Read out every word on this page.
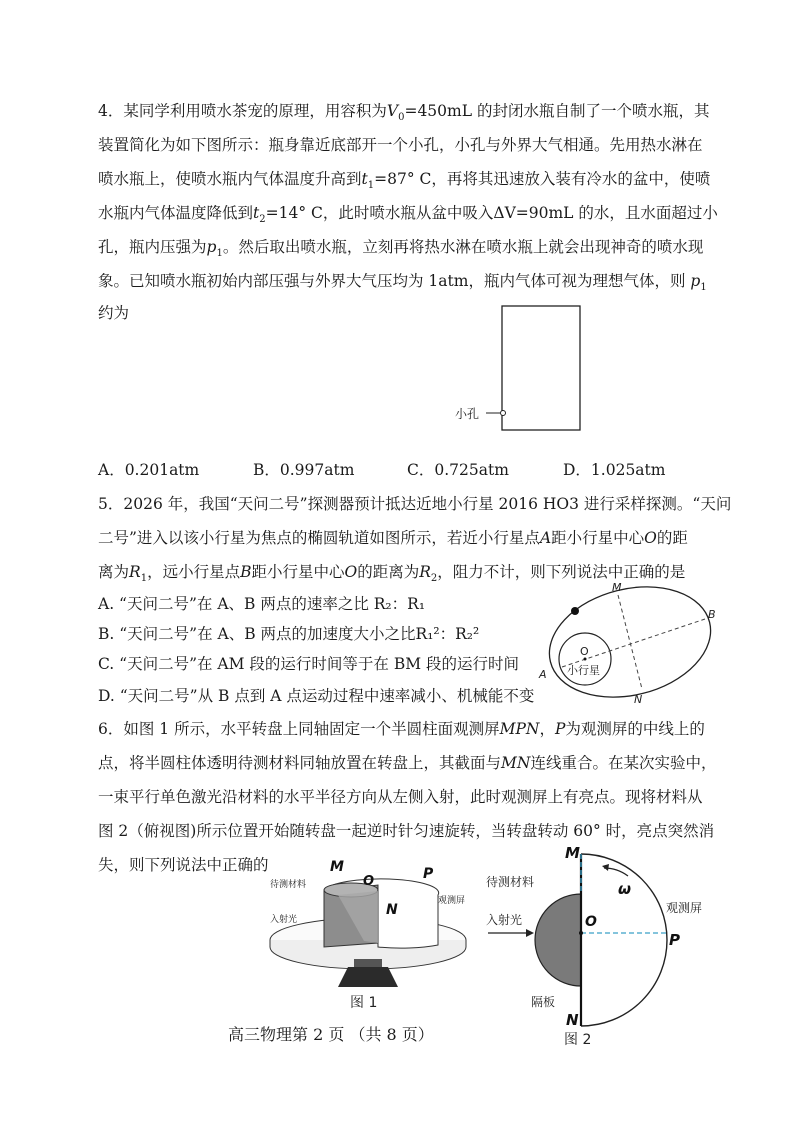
4．某同学利用喷水茶宠的原理，用容积为$V_0=450mL$ 的封闭水瓶自制了一个喷水瓶，其
装置简化为如下图所示：瓶身靠近底部开一个小孔，小孔与外界大气相通。先用热水淋在
喷水瓶上，使喷水瓶内气体温度升高到$t_1=87^\circ$ C，再将其迅速放入装有冷水的盆中，使喷
水瓶内气体温度降低到$t_2=14^\circ$ C，此时喷水瓶从盆中吸入ΔV=90mL 的水，且水面超过小
孔，瓶内压强为$p_1$。然后取出喷水瓶，立刻再将热水淋在喷水瓶上就会出现神奇的喷水现
象。已知喷水瓶初始内部压强与外界大气压均为 1atm，瓶内气体可视为理想气体，则 $p_1$
约为
小孔
A．0.201atm	B．0.997atm	C．0.725atm	D．1.025atm
5．2026 年，我国“天问二号”探测器预计抵达近地小行星 2016 HO3 进行采样探测。“天问
二号”进入以该小行星为焦点的椭圆轨道如图所示，若近小行星点A距小行星中心O的距
离为$R_1$，远小行星点B距小行星中心O的距离为$R_2$，阻力不计，则下列说法中正确的是
A. “天问二号”在 A、B 两点的速率之比 R₂：R₁
B. “天问二号”在 A、B 两点的加速度大小之比R₁²：R₂²
C. “天问二号”在 AM 段的运行时间等于在 BM 段的运行时间
D. “天问二号”从 B 点到 A 点运动过程中速率减小、机械能不变
O
小行星
M
B
A
N
6．如图 1 所示，水平转盘上同轴固定一个半圆柱面观测屏MPN，P为观测屏的中线上的
点，将半圆柱体透明待测材料同轴放置在转盘上，其截面与MN连线重合。在某次实验中，
一束平行单色激光沿材料的水平半径方向从左侧入射，此时观测屏上有亮点。现将材料从
图 2（俯视图)所示位置开始随转盘一起逆时针匀速旋转，当转盘转动 60° 时，亮点突然消
失，则下列说法中正确的	M
O	P
N
待测材料
入射光
观测屏
图 1
M
O
P
N
ω
待测材料
入射光
观测屏
隔板
图 2
高三物理第 2 页 （共 8 页）
